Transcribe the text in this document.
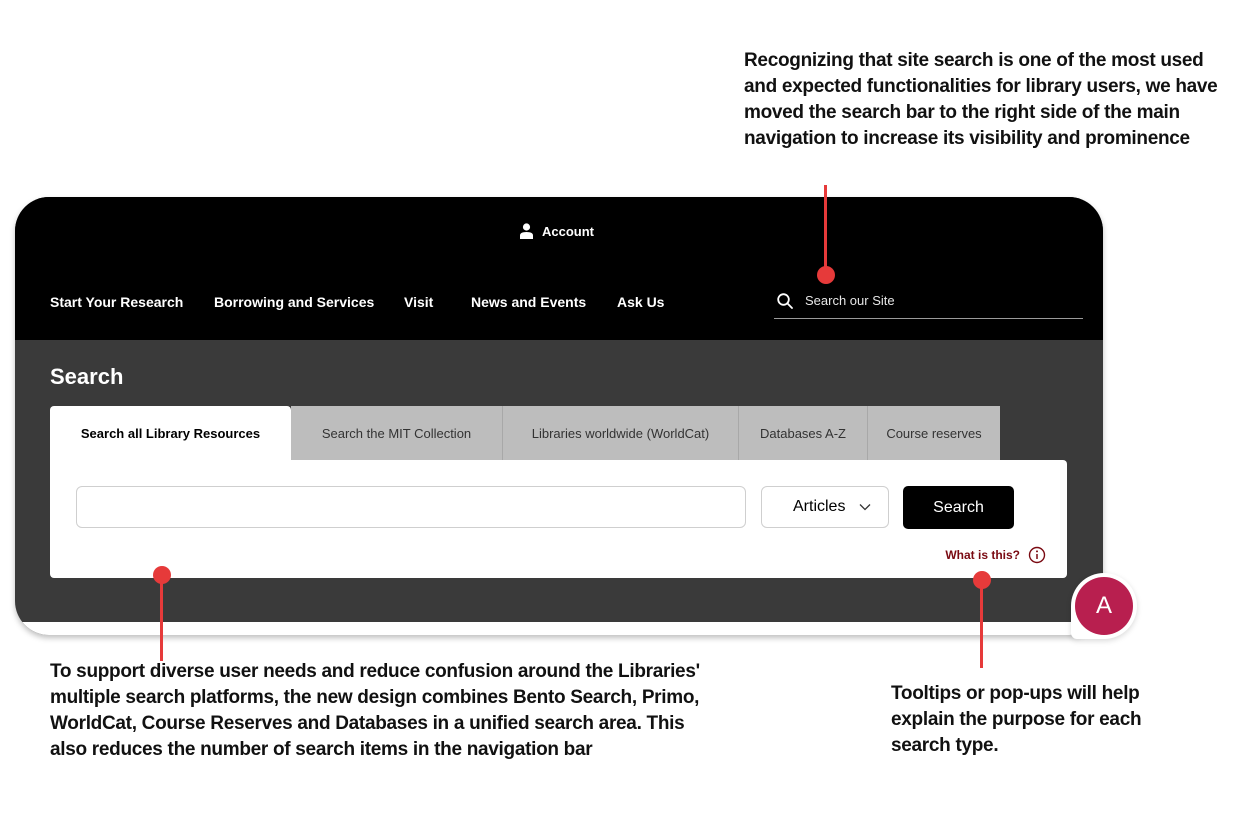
Recognizing that site search is one of the most used and expected functionalities for library users, we have moved the search bar to the right side of the main navigation to increase its visibility and prominence
To support diverse user needs and reduce confusion around the Libraries' multiple search platforms, the new design combines Bento Search, Primo, WorldCat, Course Reserves and Databases in a unified search area. This also reduces the number of search items in the navigation bar
Tooltips or pop-ups will help explain the purpose for each search type.
Account
Start Your Research Borrowing and Services Visit	News and Events Ask Us
Search our Site
Search
Search all Library Resources	Search the MIT Collection	Libraries worldwide (WorldCat)	Databases A-Z	Course reserves
Articles	Search
What is this?
A
